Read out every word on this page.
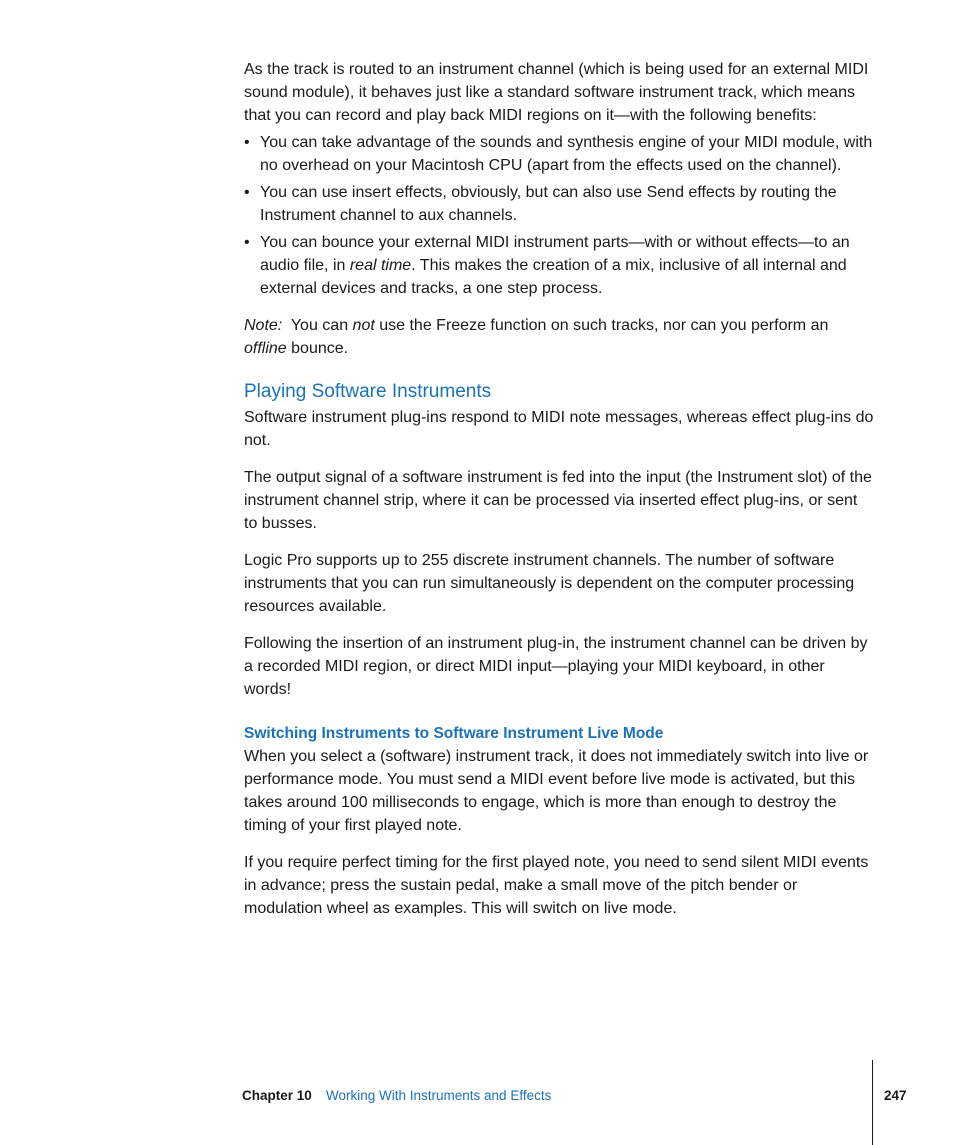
As the track is routed to an instrument channel (which is being used for an external MIDI sound module), it behaves just like a standard software instrument track, which means that you can record and play back MIDI regions on it—with the following benefits:

• You can take advantage of the sounds and synthesis engine of your MIDI module, with no overhead on your Macintosh CPU (apart from the effects used on the channel).
• You can use insert effects, obviously, but can also use Send effects by routing the Instrument channel to aux channels.
• You can bounce your external MIDI instrument parts—with or without effects—to an audio file, in real time. This makes the creation of a mix, inclusive of all internal and external devices and tracks, a one step process.

Note:  You can not use the Freeze function on such tracks, nor can you perform an offline bounce.

Playing Software Instruments

Software instrument plug-ins respond to MIDI note messages, whereas effect plug-ins do not.

The output signal of a software instrument is fed into the input (the Instrument slot) of the instrument channel strip, where it can be processed via inserted effect plug-ins, or sent to busses.

Logic Pro supports up to 255 discrete instrument channels. The number of software instruments that you can run simultaneously is dependent on the computer processing resources available.

Following the insertion of an instrument plug-in, the instrument channel can be driven by a recorded MIDI region, or direct MIDI input—playing your MIDI keyboard, in other words!

Switching Instruments to Software Instrument Live Mode

When you select a (software) instrument track, it does not immediately switch into live or performance mode. You must send a MIDI event before live mode is activated, but this takes around 100 milliseconds to engage, which is more than enough to destroy the timing of your first played note.

If you require perfect timing for the first played note, you need to send silent MIDI events in advance; press the sustain pedal, make a small move of the pitch bender or modulation wheel as examples. This will switch on live mode.

Chapter 10 Working With Instruments and Effects	247
